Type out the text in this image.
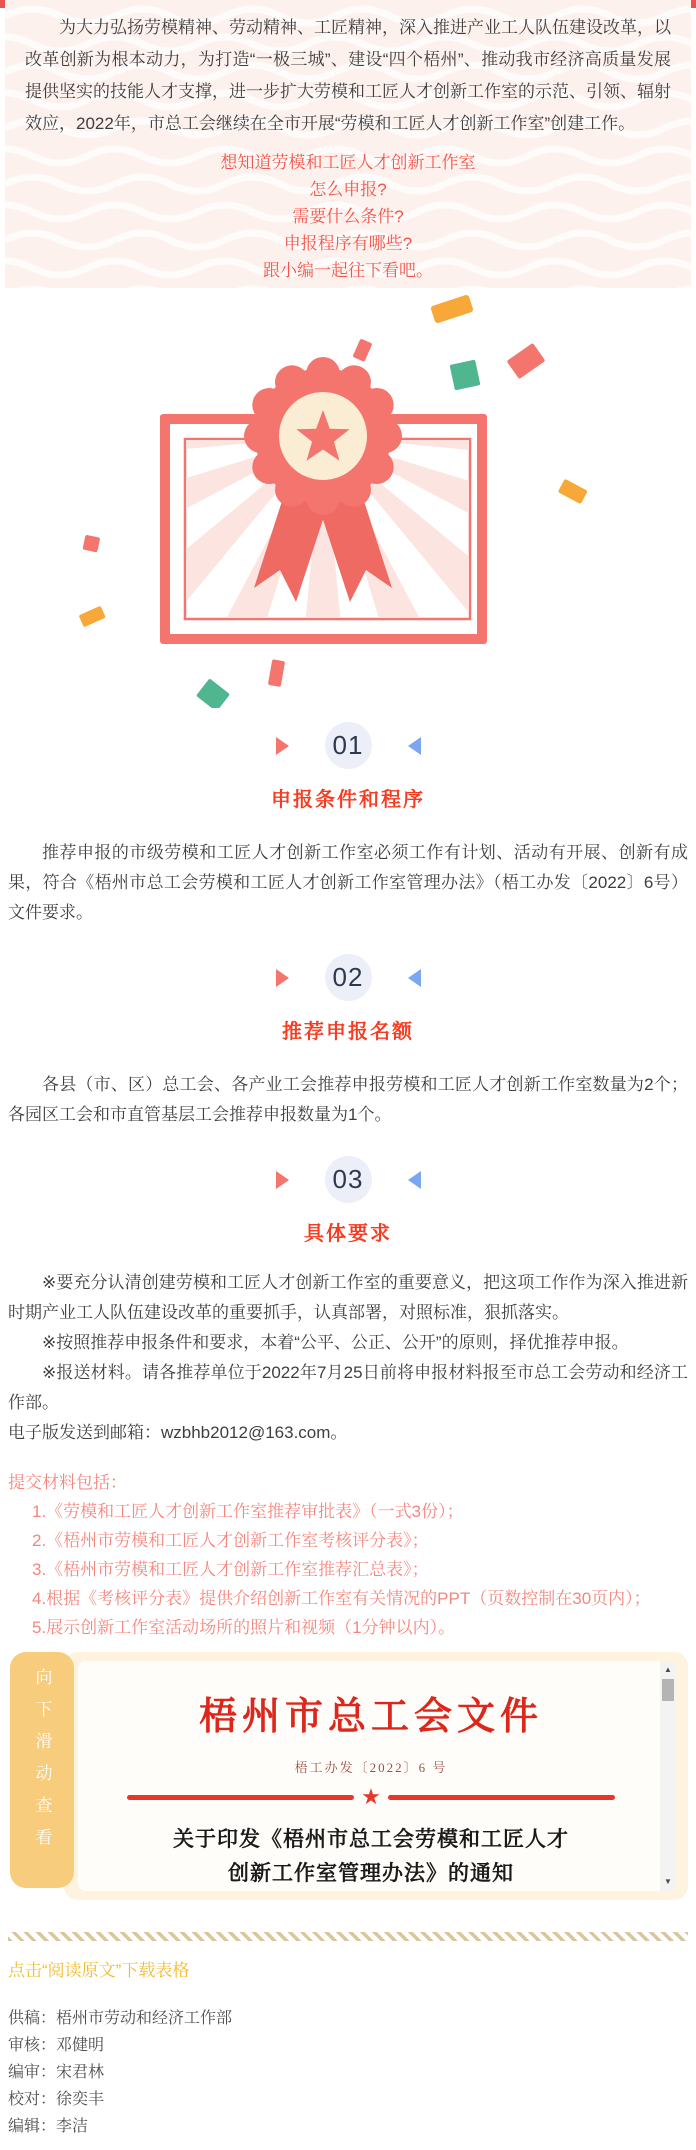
为大力弘扬劳模精神、劳动精神、工匠精神，深入推进产业工人队伍建设改革，以改革创新为根本动力，为打造“一极三城”、建设“四个梧州”、推动我市经济高质量发展提供坚实的技能人才支撑，进一步扩大劳模和工匠人才创新工作室的示范、引领、辐射效应，2022年，市总工会继续在全市开展“劳模和工匠人才创新工作室”创建工作。

想知道劳模和工匠人才创新工作室

怎么申报?

需要什么条件?

申报程序有哪些?

跟小编一起往下看吧。

01

申报条件和程序

推荐申报的市级劳模和工匠人才创新工作室必须工作有计划、活动有开展、创新有成果，符合《梧州市总工会劳模和工匠人才创新工作室管理办法》（梧工办发〔2022〕6号）文件要求。

02

推荐申报名额

各县（市、区）总工会、各产业工会推荐申报劳模和工匠人才创新工作室数量为2个；各园区工会和市直管基层工会推荐申报数量为1个。

03

具体要求

※要充分认清创建劳模和工匠人才创新工作室的重要意义，把这项工作作为深入推进新时期产业工人队伍建设改革的重要抓手，认真部署，对照标准，狠抓落实。

※按照推荐申报条件和要求，本着“公平、公正、公开”的原则，择优推荐申报。

※报送材料。请各推荐单位于2022年7月25日前将申报材料报至市总工会劳动和经济工作部。

电子版发送到邮箱：wzbhb2012@163.com。

提交材料包括：

1.《劳模和工匠人才创新工作室推荐审批表》（一式3份）；

2.《梧州市劳模和工匠人才创新工作室考核评分表》；

3.《梧州市劳模和工匠人才创新工作室推荐汇总表》；

4.根据《考核评分表》提供介绍创新工作室有关情况的PPT（页数控制在30页内）；

5.展示创新工作室活动场所的照片和视频（1分钟以内）。

向下滑动查看	梧州市总工会文件

梧工办发〔2022〕6 号

★

关于印发《梧州市总工会劳模和工匠人才
创新工作室管理办法》的通知

▲
▼

点击“阅读原文”下载表格

供稿：梧州市劳动和经济工作部

审核：邓健明

编审：宋君林

校对：徐奕丰

编辑：李洁
